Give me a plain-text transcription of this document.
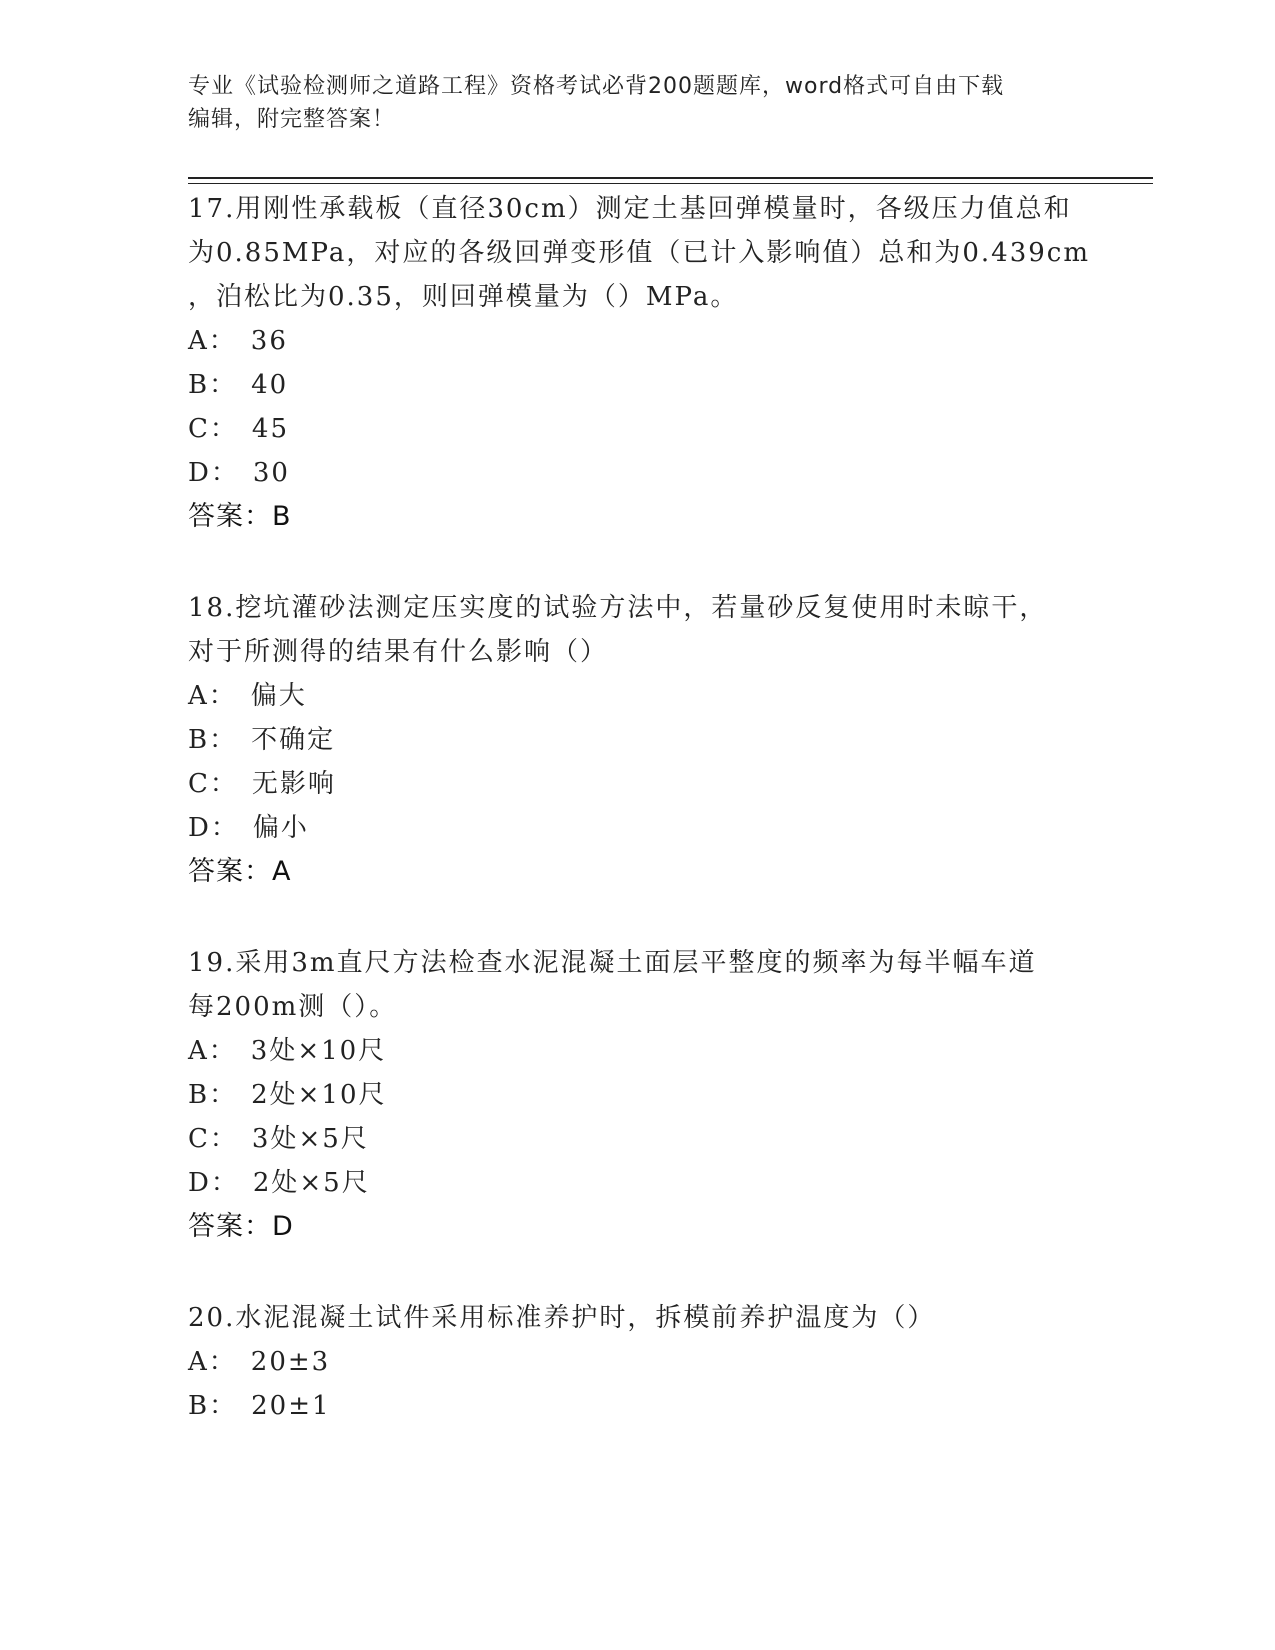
专业《试验检测师之道路工程》资格考试必背200题题库，word格式可自由下载
编辑，附完整答案！
17.用刚性承载板（直径30cm）测定土基回弹模量时，各级压力值总和
为0.85MPa，对应的各级回弹变形值（已计入影响值）总和为0.439cm
，泊松比为0.35，则回弹模量为（）MPa。
A： 36
B： 40
C： 45
D： 30
答案：B
18.挖坑灌砂法测定压实度的试验方法中，若量砂反复使用时未晾干，
对于所测得的结果有什么影响（）
A： 偏大
B： 不确定
C： 无影响
D： 偏小
答案：A
19.采用3m直尺方法检查水泥混凝土面层平整度的频率为每半幅车道
每200m测（）。
A： 3处×10尺
B： 2处×10尺
C： 3处×5尺
D： 2处×5尺
答案：D
20.水泥混凝土试件采用标准养护时，拆模前养护温度为（）
A： 20±3
B： 20±1
